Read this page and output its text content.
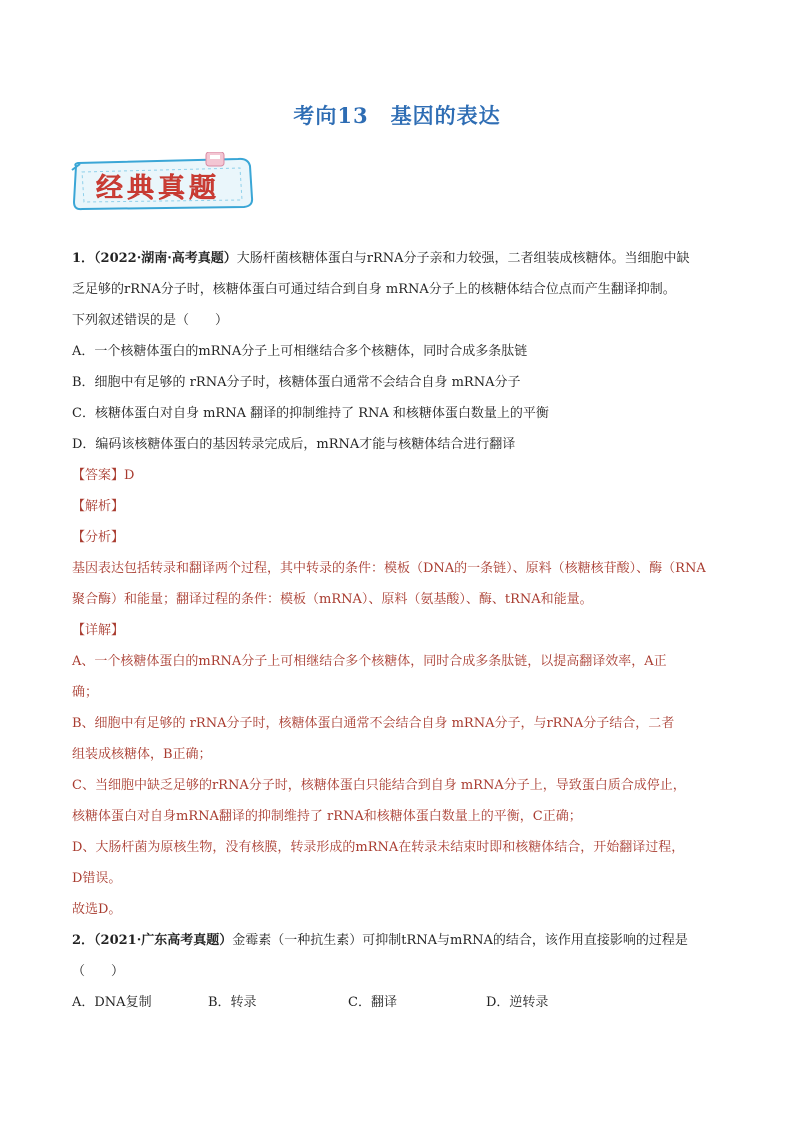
考向13　基因的表达
经典真题

1．（2022·湖南·高考真题）大肠杆菌核糖体蛋白与rRNA分子亲和力较强，二者组装成核糖体。当细胞中缺

乏足够的rRNA分子时，核糖体蛋白可通过结合到自身 mRNA分子上的核糖体结合位点而产生翻译抑制。

下列叙述错误的是（　　）

A．一个核糖体蛋白的mRNA分子上可相继结合多个核糖体，同时合成多条肽链

B．细胞中有足够的 rRNA分子时，核糖体蛋白通常不会结合自身 mRNA分子

C．核糖体蛋白对自身 mRNA 翻译的抑制维持了 RNA 和核糖体蛋白数量上的平衡

D．编码该核糖体蛋白的基因转录完成后，mRNA才能与核糖体结合进行翻译

【答案】D

【解析】

【分析】

基因表达包括转录和翻译两个过程，其中转录的条件：模板（DNA的一条链）、原料（核糖核苷酸）、酶（RNA

聚合酶）和能量；翻译过程的条件：模板（mRNA）、原料（氨基酸）、酶、tRNA和能量。

【详解】

A、一个核糖体蛋白的mRNA分子上可相继结合多个核糖体，同时合成多条肽链，以提高翻译效率，A正

确；

B、细胞中有足够的 rRNA分子时，核糖体蛋白通常不会结合自身 mRNA分子，与rRNA分子结合，二者

组装成核糖体，B正确；

C、当细胞中缺乏足够的rRNA分子时，核糖体蛋白只能结合到自身 mRNA分子上，导致蛋白质合成停止，

核糖体蛋白对自身mRNA翻译的抑制维持了 rRNA和核糖体蛋白数量上的平衡，C正确；

D、大肠杆菌为原核生物，没有核膜，转录形成的mRNA在转录未结束时即和核糖体结合，开始翻译过程，

D错误。

故选D。

2．（2021·广东高考真题）金霉素（一种抗生素）可抑制tRNA与mRNA的结合，该作用直接影响的过程是

（　　）

A．DNA复制	B．转录	C．翻译	D．逆转录
